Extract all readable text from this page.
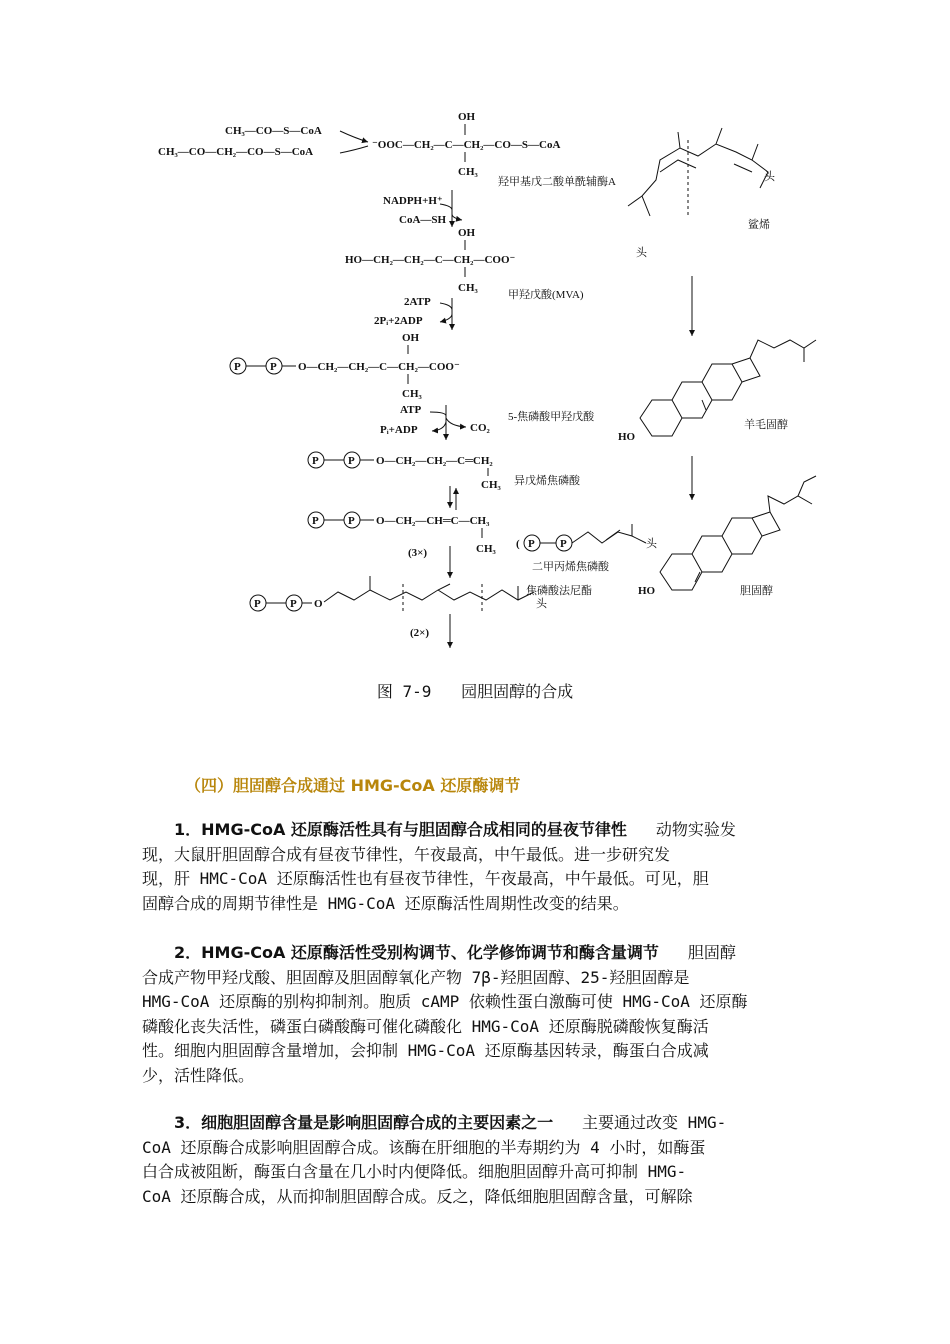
CH₃—CO—S—CoA
CH₃—CO—CH₂—CO—S—CoA
OH
⁻OOC—CH₂—C—CH₂—CO—S—CoA
CH₃
羟甲基戊二酸单酰辅酶A
NADPH+H⁺
CoA—SH
OH
HO—CH₂—CH₂—C—CH₂—COO⁻
CH₃
甲羟戊酸(MVA)
2ATP
2Pᵢ+2ADP
OH
P	P O—CH₂—CH₂—C—CH₂—COO⁻
CH₃
5-焦磷酸甲羟戊酸
ATP
Pᵢ+ADP	CO₂
P	P O—CH₂—CH₂—C═CH₂
CH₃ 异戊烯焦磷酸
P	P O—CH₂—CH═C—CH₃
CH₃ ( P P	头
二甲丙烯焦磷酸
(3×)
P	P O	头
焦磷酸法尼酯
(2×)
头
头
鲨烯
HO
羊毛固醇
HO	胆固醇
图 7-9 园胆固醇的合成
（四）胆固醇合成通过 HMG-CoA 还原酶调节
1．HMG-CoA 还原酶活性具有与胆固醇合成相同的昼夜节律性 动物实验发
现，大鼠肝胆固醇合成有昼夜节律性，午夜最高，中午最低。进一步研究发
现，肝 HMC-CoA 还原酶活性也有昼夜节律性，午夜最高，中午最低。可见，胆
固醇合成的周期节律性是 HMG-CoA 还原酶活性周期性改变的结果。
2．HMG-CoA 还原酶活性受别构调节、化学修饰调节和酶含量调节 胆固醇
合成产物甲羟戊酸、胆固醇及胆固醇氧化产物 7β-羟胆固醇、25-羟胆固醇是
HMG-CoA 还原酶的别构抑制剂。胞质 cAMP 依赖性蛋白激酶可使 HMG-CoA 还原酶
磷酸化丧失活性，磷蛋白磷酸酶可催化磷酸化 HMG-CoA 还原酶脱磷酸恢复酶活
性。细胞内胆固醇含量增加，会抑制 HMG-CoA 还原酶基因转录，酶蛋白合成减
少，活性降低。
3．细胞胆固醇含量是影响胆固醇合成的主要因素之一 主要通过改变 HMG-
CoA 还原酶合成影响胆固醇合成。该酶在肝细胞的半寿期约为 4 小时，如酶蛋
白合成被阻断，酶蛋白含量在几小时内便降低。细胞胆固醇升高可抑制 HMG-
CoA 还原酶合成，从而抑制胆固醇合成。反之，降低细胞胆固醇含量，可解除
